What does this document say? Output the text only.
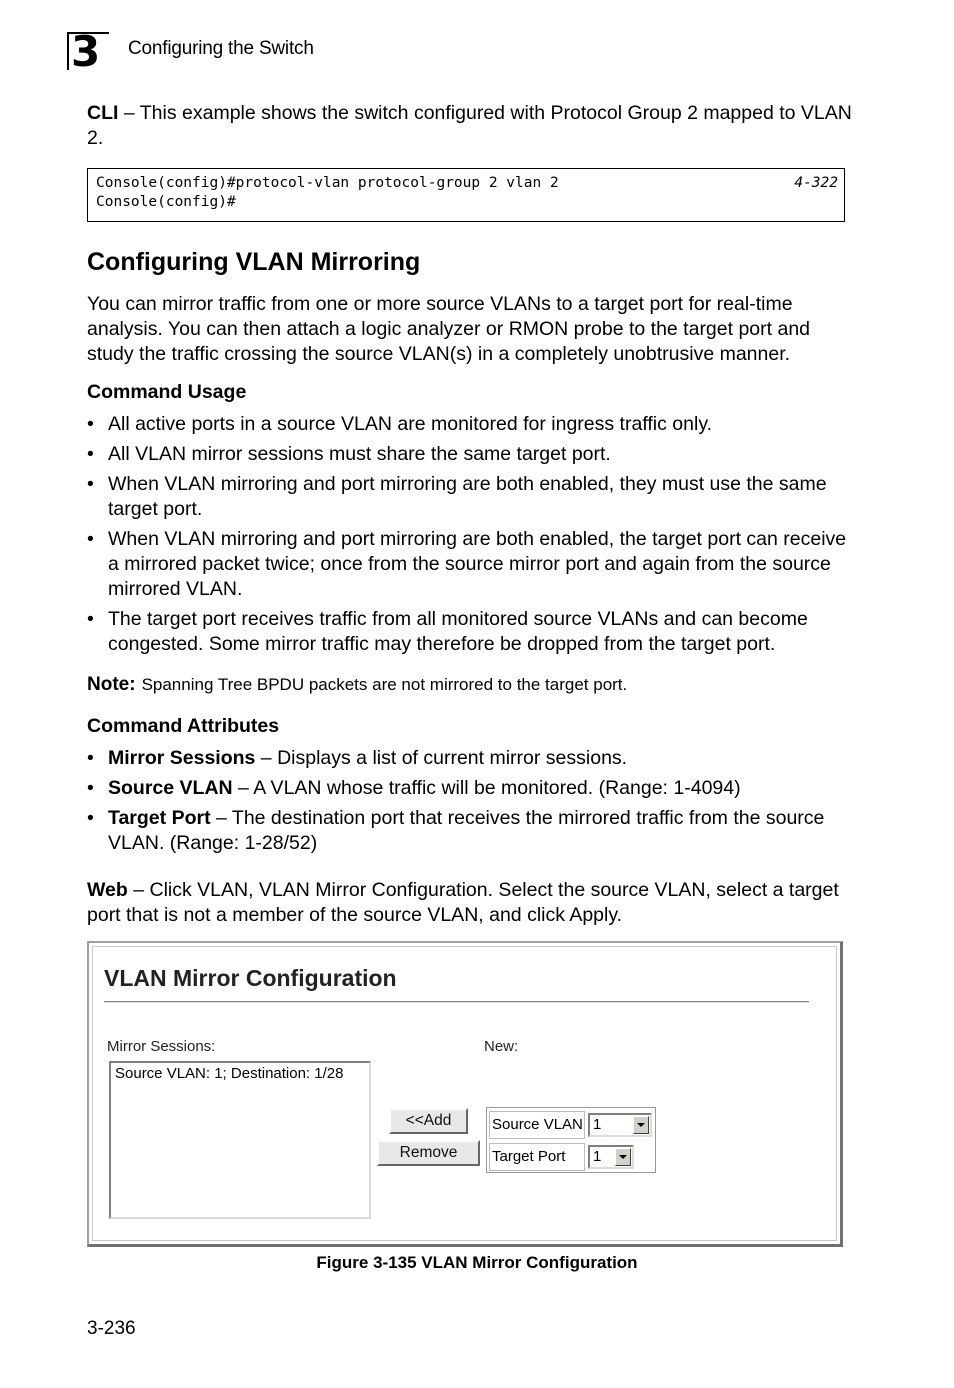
3 Configuring the Switch
CLI – This example shows the switch configured with Protocol Group 2 mapped to VLAN 2.
Console(config)#protocol-vlan protocol-group 2 vlan 2
Console(config)#
4-322
Configuring VLAN Mirroring
You can mirror traffic from one or more source VLANs to a target port for real-time analysis. You can then attach a logic analyzer or RMON probe to the target port and study the traffic crossing the source VLAN(s) in a completely unobtrusive manner.
Command Usage
• All active ports in a source VLAN are monitored for ingress traffic only.
• All VLAN mirror sessions must share the same target port.
• When VLAN mirroring and port mirroring are both enabled, they must use the same target port.
• When VLAN mirroring and port mirroring are both enabled, the target port can receive a mirrored packet twice; once from the source mirror port and again from the source mirrored VLAN.
• The target port receives traffic from all monitored source VLANs and can become congested. Some mirror traffic may therefore be dropped from the target port.
Note: Spanning Tree BPDU packets are not mirrored to the target port.
Command Attributes
• Mirror Sessions – Displays a list of current mirror sessions.
• Source VLAN – A VLAN whose traffic will be monitored. (Range: 1-4094)
• Target Port – The destination port that receives the mirrored traffic from the source VLAN. (Range: 1-28/52)
Web – Click VLAN, VLAN Mirror Configuration. Select the source VLAN, select a target port that is not a member of the source VLAN, and click Apply.
VLAN Mirror Configuration
Mirror Sessions:	New:
Source VLAN: 1; Destination: 1/28
<<Add
Remove
Source VLAN 1
Target Port	1
Figure 3-135 VLAN Mirror Configuration
3-236
